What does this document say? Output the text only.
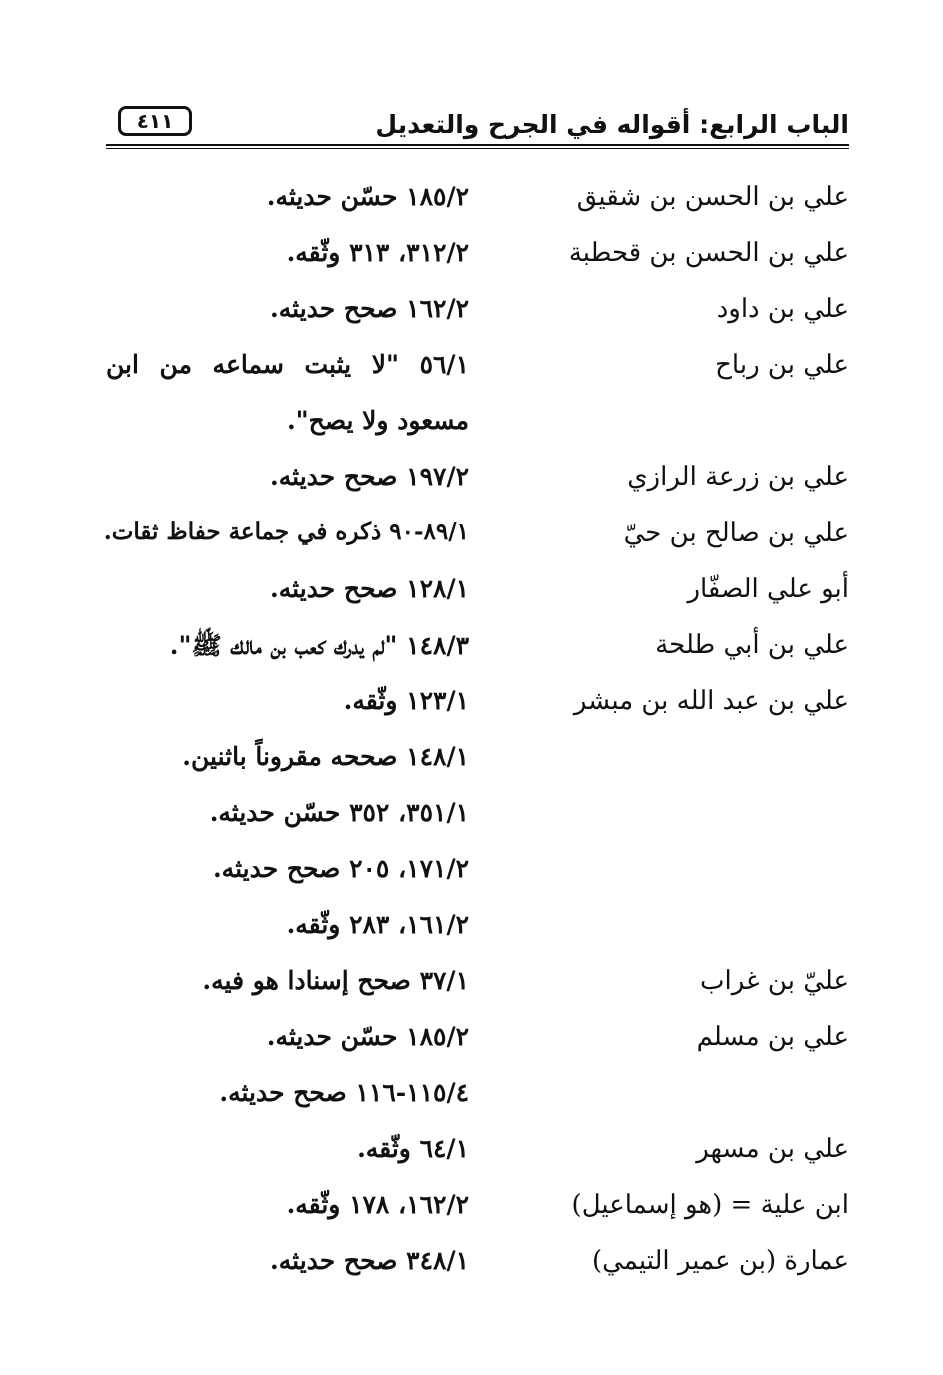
الباب الرابع: أقواله في الجرح والتعديل
٤١١
علي بن الحسن بن شقيق
١٨٥/٢ حسّن حديثه.
علي بن الحسن بن قحطبة
٣١٢/٢، ٣١٣ وثّقه.
علي بن داود
١٦٢/٢ صحح حديثه.
علي بن رباح
٥٦/١ "لا يثبت سماعه من ابن
مسعود ولا يصح".
علي بن زرعة الرازي
١٩٧/٢ صحح حديثه.
علي بن صالح بن حيّ
٨٩/١-٩٠ ذكره في جماعة حفاظ ثقات.
أبو علي الصفّار
١٢٨/١ صحح حديثه.
علي بن أبي طلحة
١٤٨/٣ "لم يدرك كعب بن مالك ﷺ".
علي بن عبد الله بن مبشر
١٢٣/١ وثّقه.
١٤٨/١ صححه مقروناً باثنين.
٣٥١/١، ٣٥٢ حسّن حديثه.
١٧١/٢، ٢٠٥ صحح حديثه.
١٦١/٢، ٢٨٣ وثّقه.
عليّ بن غراب
٣٧/١ صحح إسنادا هو فيه.
علي بن مسلم
١٨٥/٢ حسّن حديثه.
١١٥/٤-١١٦ صحح حديثه.
علي بن مسهر
٦٤/١ وثّقه.
ابن علية = (هو إسماعيل)
١٦٢/٢، ١٧٨ وثّقه.
عمارة (بن عمير التيمي)
٣٤٨/١ صحح حديثه.
